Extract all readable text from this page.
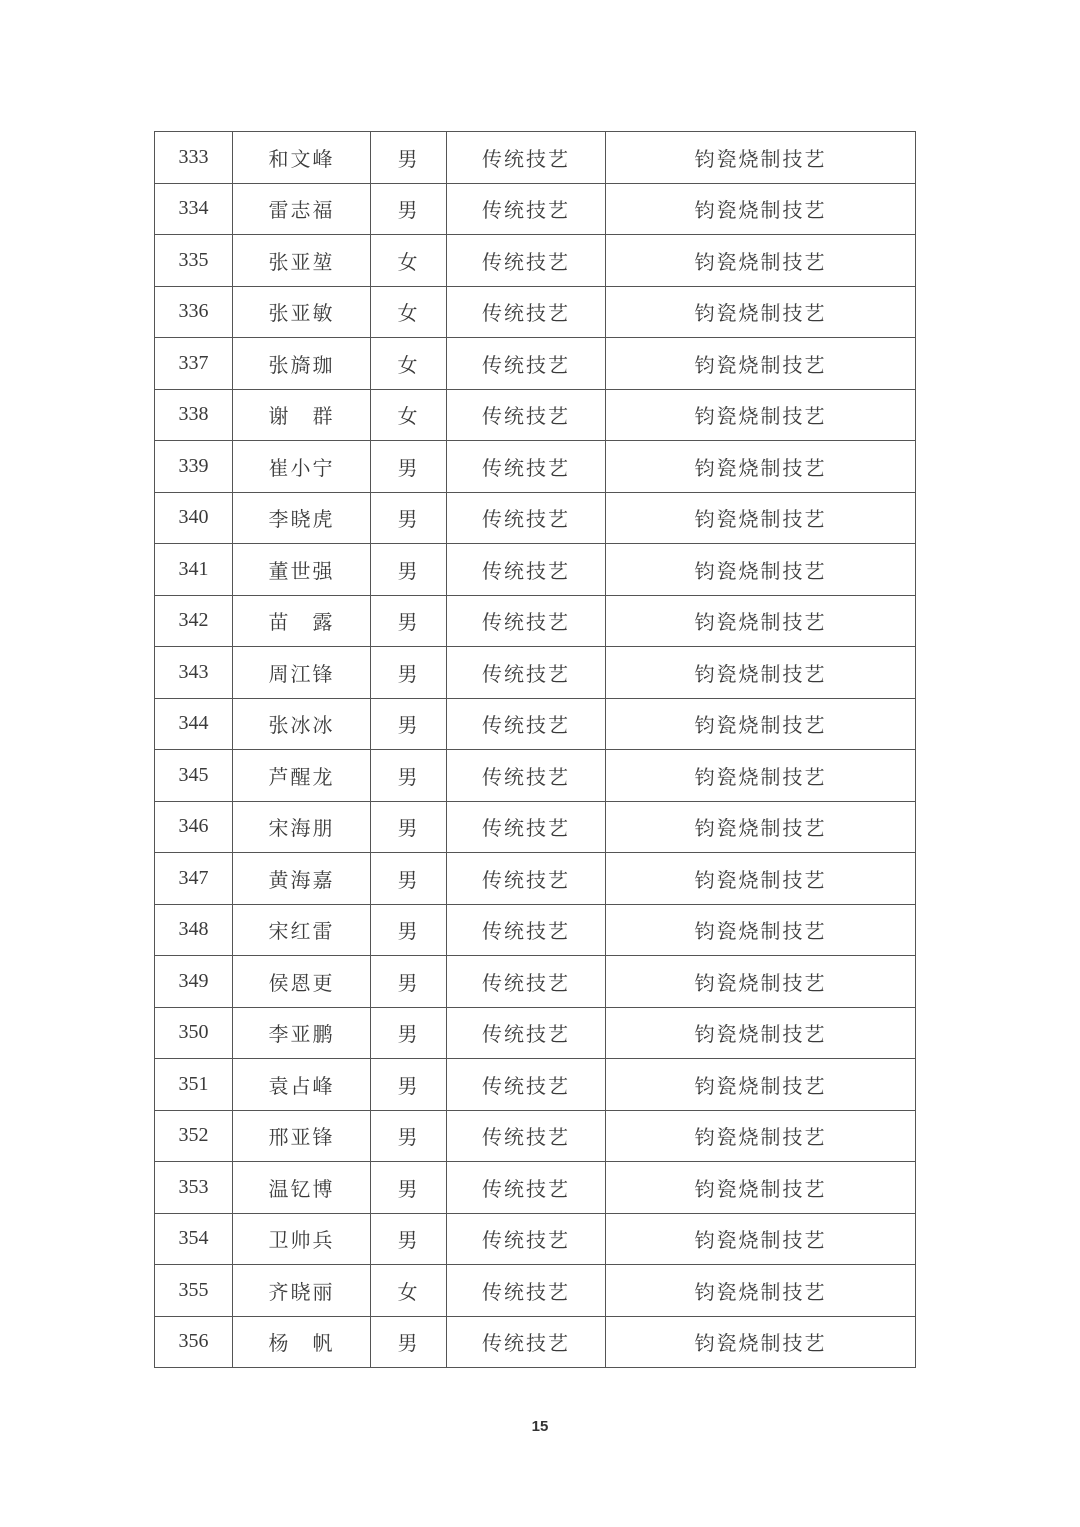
333	和文峰	男	传统技艺	钧瓷烧制技艺
334	雷志福	男	传统技艺	钧瓷烧制技艺
335	张亚堃	女	传统技艺	钧瓷烧制技艺
336	张亚敏	女	传统技艺	钧瓷烧制技艺
337	张旖珈	女	传统技艺	钧瓷烧制技艺
338	谢　群	女	传统技艺	钧瓷烧制技艺
339	崔小宁	男	传统技艺	钧瓷烧制技艺
340	李晓虎	男	传统技艺	钧瓷烧制技艺
341	董世强	男	传统技艺	钧瓷烧制技艺
342	苗　露	男	传统技艺	钧瓷烧制技艺
343	周江锋	男	传统技艺	钧瓷烧制技艺
344	张冰冰	男	传统技艺	钧瓷烧制技艺
345	芦醒龙	男	传统技艺	钧瓷烧制技艺
346	宋海朋	男	传统技艺	钧瓷烧制技艺
347	黄海嘉	男	传统技艺	钧瓷烧制技艺
348	宋红雷	男	传统技艺	钧瓷烧制技艺
349	侯恩更	男	传统技艺	钧瓷烧制技艺
350	李亚鹏	男	传统技艺	钧瓷烧制技艺
351	袁占峰	男	传统技艺	钧瓷烧制技艺
352	邢亚锋	男	传统技艺	钧瓷烧制技艺
353	温钇博	男	传统技艺	钧瓷烧制技艺
354	卫帅兵	男	传统技艺	钧瓷烧制技艺
355	齐晓丽	女	传统技艺	钧瓷烧制技艺
356	杨　帆	男	传统技艺	钧瓷烧制技艺
15
